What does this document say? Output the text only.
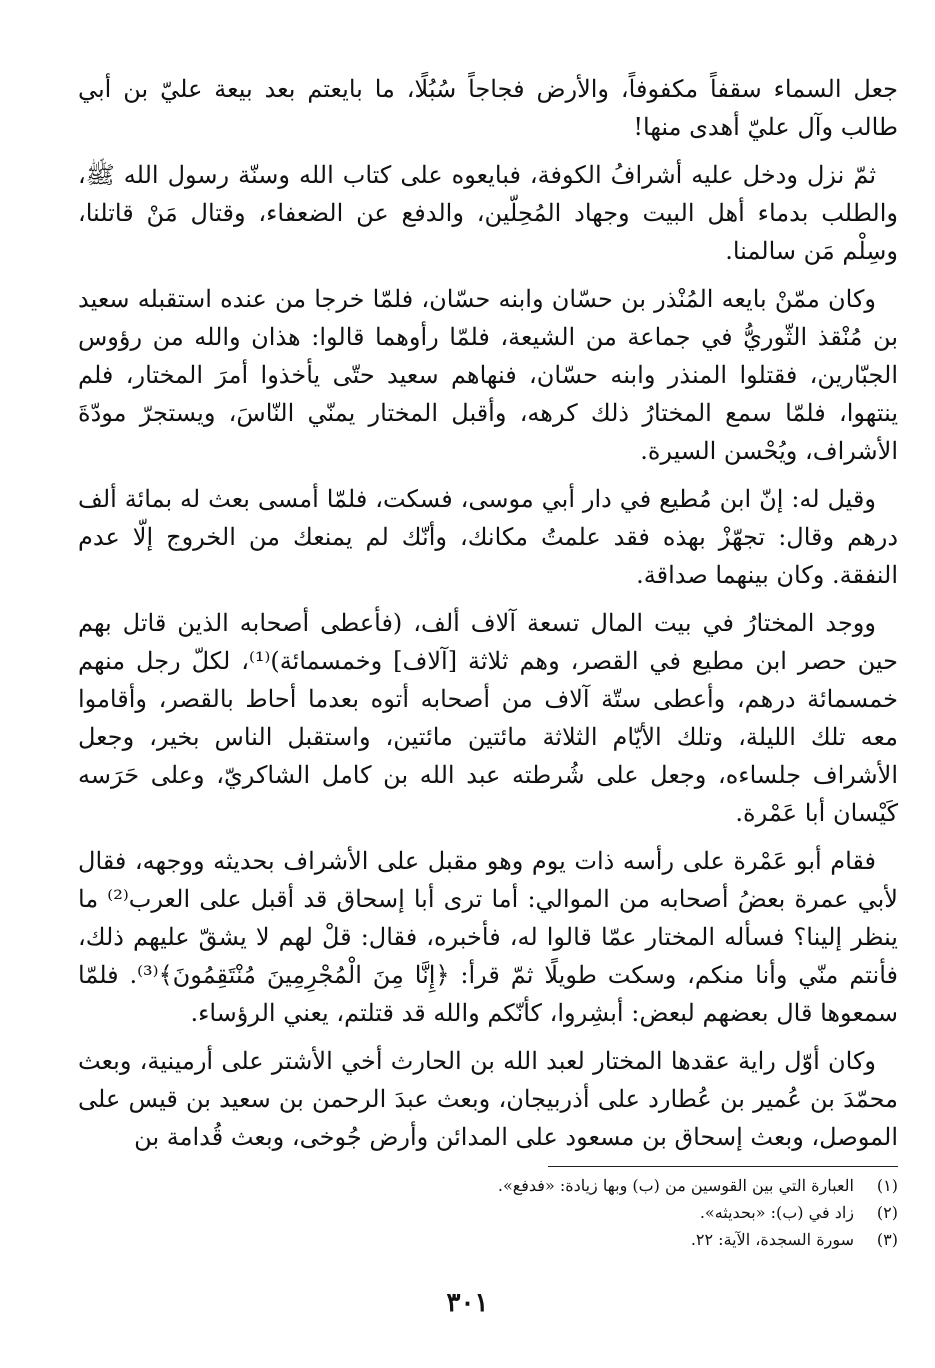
جعل السماء سقفاً مكفوفاً، والأرض فجاجاً سُبُلًا، ما بايعتم بعد بيعة عليّ بن أبي طالب وآل عليّ أهدى منها!

ثمّ نزل ودخل عليه أشرافُ الكوفة، فبايعوه على كتاب الله وسنّة رسول الله ﷺ، والطلب بدماء أهل البيت وجهاد المُحِلّين، والدفع عن الضعفاء، وقتال مَنْ قاتلنا، وسِلْم مَن سالمنا.

وكان ممّنْ بايعه المُنْذر بن حسّان وابنه حسّان، فلمّا خرجا من عنده استقبله سعيد بن مُنْقذ الثّوريُّ في جماعة من الشيعة، فلمّا رأوهما قالوا: هذان والله من رؤوس الجبّارين، فقتلوا المنذر وابنه حسّان، فنهاهم سعيد حتّى يأخذوا أمرَ المختار، فلم ينتهوا، فلمّا سمع المختارُ ذلك كرهه، وأقبل المختار يمنّي النّاسَ، ويستجرّ مودّةَ الأشراف، ويُحْسن السيرة.

وقيل له: إنّ ابن مُطيع في دار أبي موسى، فسكت، فلمّا أمسى بعث له بمائة ألف درهم وقال: تجهّزْ بهذه فقد علمتُ مكانك، وأنّك لم يمنعك من الخروج إلّا عدم النفقة. وكان بينهما صداقة.

ووجد المختارُ في بيت المال تسعة آلاف ألف، (فأعطى أصحابه الذين قاتل بهم حين حصر ابن مطيع في القصر، وهم ثلاثة [آلاف] وخمسمائة)⁽¹⁾، لكلّ رجل منهم خمسمائة درهم، وأعطى ستّة آلاف من أصحابه أتوه بعدما أحاط بالقصر، وأقاموا معه تلك الليلة، وتلك الأيّام الثلاثة مائتين مائتين، واستقبل الناس بخير، وجعل الأشراف جلساءه، وجعل على شُرطته عبد الله بن كامل الشاكريّ، وعلى حَرَسه كَيْسان أبا عَمْرة.

فقام أبو عَمْرة على رأسه ذات يوم وهو مقبل على الأشراف بحديثه ووجهه، فقال لأبي عمرة بعضُ أصحابه من الموالي: أما ترى أبا إسحاق قد أقبل على العرب⁽²⁾ ما ينظر إلينا؟ فسأله المختار عمّا قالوا له، فأخبره، فقال: قلْ لهم لا يشقّ عليهم ذلك، فأنتم منّي وأنا منكم، وسكت طويلًا ثمّ قرأ: ﴿إِنَّا مِنَ الْمُجْرِمِينَ مُنْتَقِمُونَ﴾⁽³⁾. فلمّا سمعوها قال بعضهم لبعض: أبشِروا، كأنّكم والله قد قتلتم، يعني الرؤساء.

وكان أوّل راية عقدها المختار لعبد الله بن الحارث أخي الأشتر على أرمينية، وبعث محمّدَ بن عُمير بن عُطارد على أذربيجان، وبعث عبدَ الرحمن بن سعيد بن قيس على الموصل، وبعث إسحاق بن مسعود على المدائن وأرض جُوخى، وبعث قُدامة بن

(١)
العبارة التي بين القوسين من (ب) وبها زيادة: «فدفع».
(٢)
زاد في (ب): «بحديثه».
(٣)
سورة السجدة، الآية: ٢٢.
٣٠١
